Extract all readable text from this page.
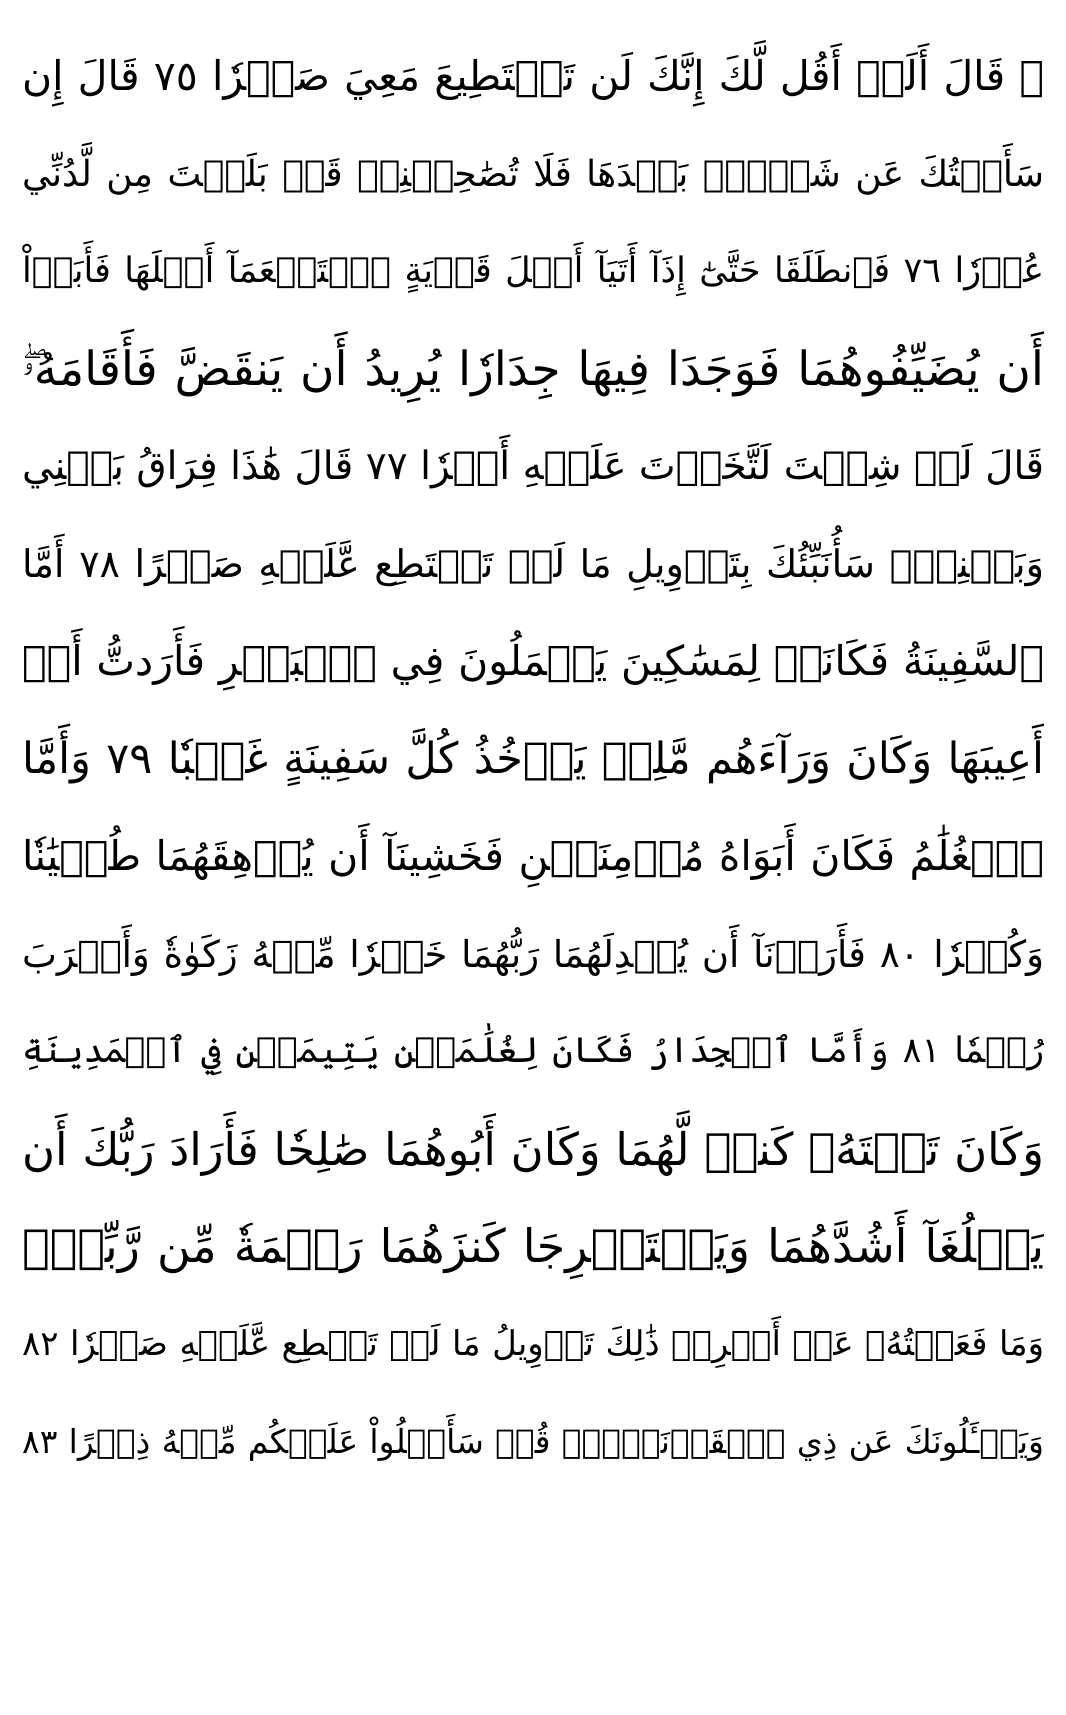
۞ قَالَ أَلَمۡ أَقُل لَّكَ إِنَّكَ لَن تَسۡتَطِيعَ مَعِيَ صَبۡرٗا ٧٥ قَالَ إِن
سَأَلۡتُكَ عَن شَيۡءِۭ بَعۡدَهَا فَلَا تُصَٰحِبۡنِيۖ قَدۡ بَلَغۡتَ مِن لَّدُنِّي
عُذۡرٗا ٧٦ فَٱنطَلَقَا حَتَّىٰٓ إِذَآ أَتَيَآ أَهۡلَ قَرۡيَةٍ ٱسۡتَطۡعَمَآ أَهۡلَهَا فَأَبَوۡاْ
أَن يُضَيِّفُوهُمَا فَوَجَدَا فِيهَا جِدَارٗا يُرِيدُ أَن يَنقَضَّ فَأَقَامَهُۥۖ
قَالَ لَوۡ شِئۡتَ لَتَّخَذۡتَ عَلَيۡهِ أَجۡرٗا ٧٧ قَالَ هَٰذَا فِرَاقُ بَيۡنِي
وَبَيۡنِكَۚ سَأُنَبِّئُكَ بِتَأۡوِيلِ مَا لَمۡ تَسۡتَطِع عَّلَيۡهِ صَبۡرًا ٧٨ أَمَّا
ٱلسَّفِينَةُ فَكَانَتۡ لِمَسَٰكِينَ يَعۡمَلُونَ فِي ٱلۡبَحۡرِ فَأَرَدتُّ أَنۡ
أَعِيبَهَا وَكَانَ وَرَآءَهُم مَّلِكٞ يَأۡخُذُ كُلَّ سَفِينَةٍ غَصۡبٗا ٧٩ وَأَمَّا
ٱلۡغُلَٰمُ فَكَانَ أَبَوَاهُ مُؤۡمِنَيۡنِ فَخَشِينَآ أَن يُرۡهِقَهُمَا طُغۡيَٰنٗا
وَكُفۡرٗا ٨٠ فَأَرَدۡنَآ أَن يُبۡدِلَهُمَا رَبُّهُمَا خَيۡرٗا مِّنۡهُ زَكَوٰةٗ وَأَقۡرَبَ
رُحۡمٗا ٨١ وَأَمَّا ٱلۡجِدَارُ فَكَانَ لِغُلَٰمَيۡنِ يَتِيمَيۡنِ فِي ٱلۡمَدِينَةِ
وَكَانَ تَحۡتَهُۥ كَنزٞ لَّهُمَا وَكَانَ أَبُوهُمَا صَٰلِحٗا فَأَرَادَ رَبُّكَ أَن
يَبۡلُغَآ أَشُدَّهُمَا وَيَسۡتَخۡرِجَا كَنزَهُمَا رَحۡمَةٗ مِّن رَّبِّكَۚ
وَمَا فَعَلۡتُهُۥ عَنۡ أَمۡرِيۚ ذَٰلِكَ تَأۡوِيلُ مَا لَمۡ تَسۡطِع عَّلَيۡهِ صَبۡرٗا ٨٢
وَيَسۡـَٔلُونَكَ عَن ذِي ٱلۡقَرۡنَيۡنِۖ قُلۡ سَأَتۡلُواْ عَلَيۡكُم مِّنۡهُ ذِكۡرًا ٨٣
